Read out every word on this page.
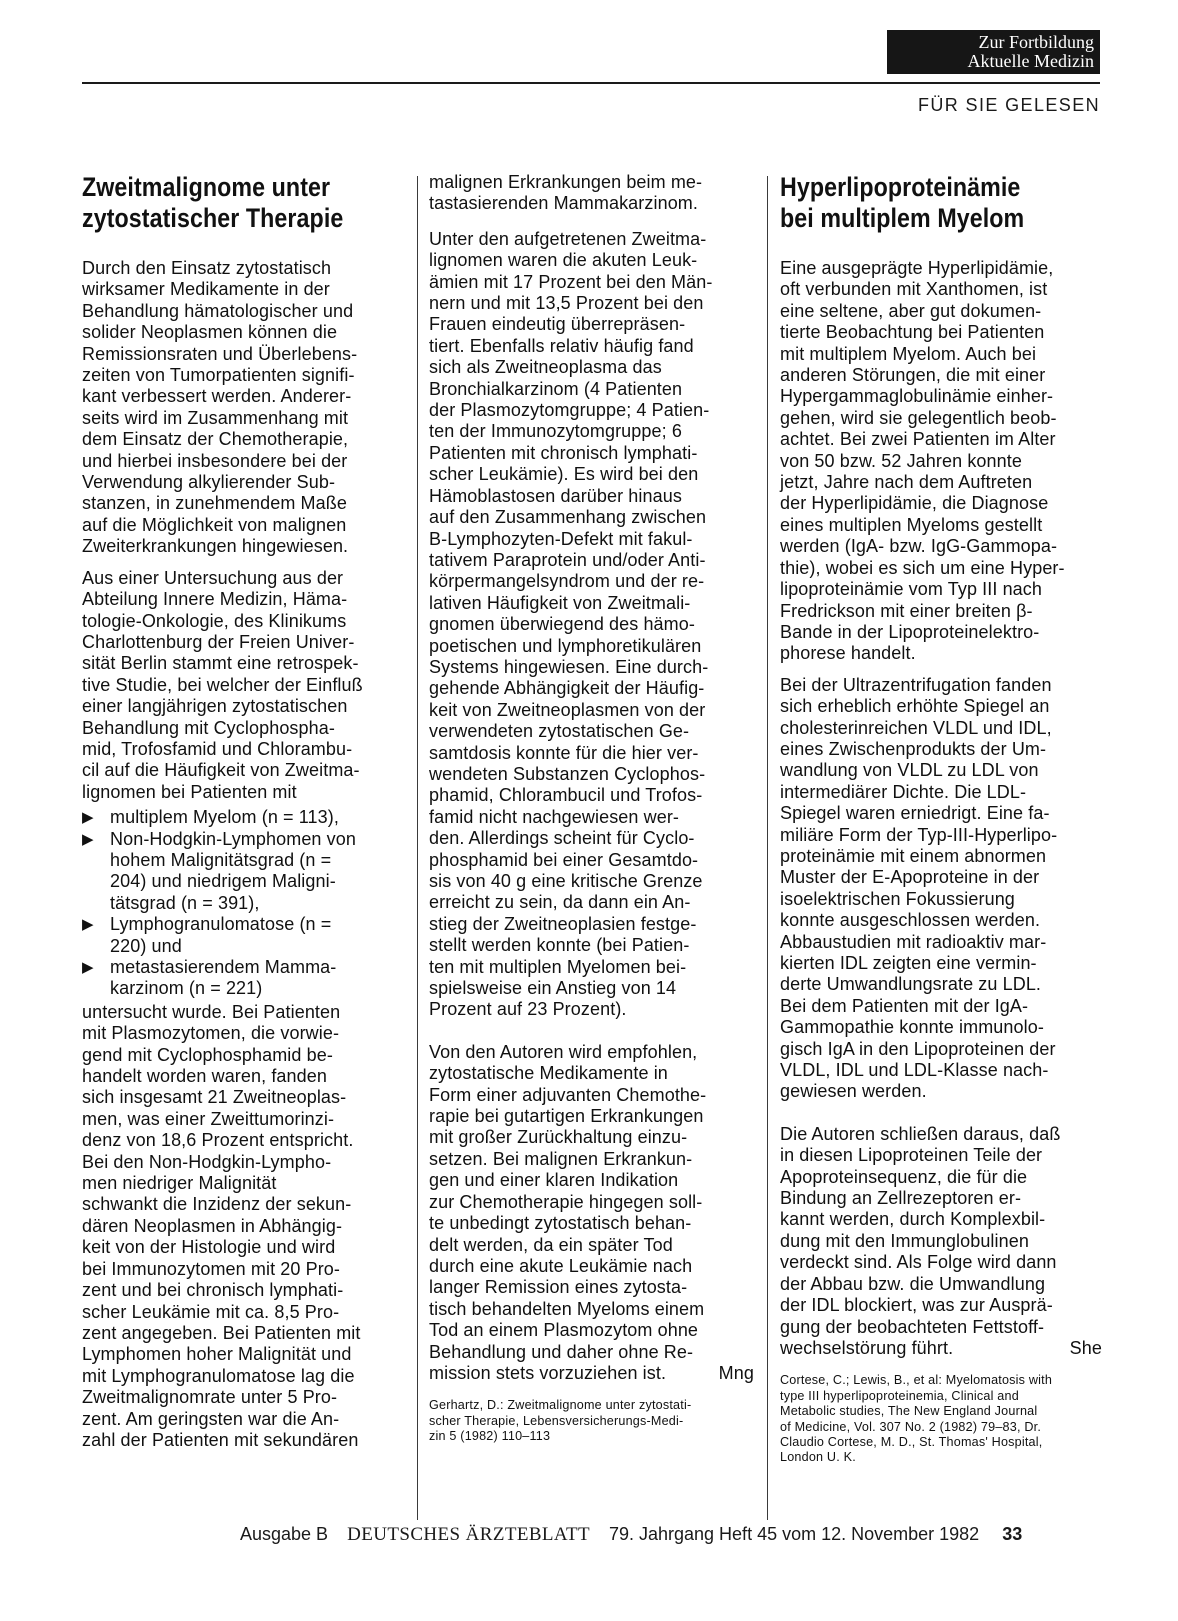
Zur Fortbildung
Aktuelle Medizin
FÜR SIE GELESEN
Zweitmalignome unter
zytostatischer Therapie

Durch den Einsatz zytostatisch
wirksamer Medikamente in der
Behandlung hämatologischer und
solider Neoplasmen können die
Remissionsraten und Überlebens-
zeiten von Tumorpatienten signifi-
kant verbessert werden. Anderer-
seits wird im Zusammenhang mit
dem Einsatz der Chemotherapie,
und hierbei insbesondere bei der
Verwendung alkylierender Sub-
stanzen, in zunehmendem Maße
auf die Möglichkeit von malignen
Zweiterkrankungen hingewiesen.

Aus einer Untersuchung aus der
Abteilung Innere Medizin, Häma-
tologie-Onkologie, des Klinikums
Charlottenburg der Freien Univer-
sität Berlin stammt eine retrospek-
tive Studie, bei welcher der Einfluß
einer langjährigen zytostatischen
Behandlung mit Cyclophospha-
mid, Trofosfamid und Chlorambu-
cil auf die Häufigkeit von Zweitma-
lignomen bei Patienten mit

▶ multiplem Myelom (n = 113),
▶ Non-Hodgkin-Lymphomen von
hohem Malignitätsgrad (n =
204) und niedrigem Maligni-
tätsgrad (n = 391),
▶ Lymphogranulomatose (n =
220) und
▶ metastasierendem Mamma-
karzinom (n = 221)

untersucht wurde. Bei Patienten
mit Plasmozytomen, die vorwie-
gend mit Cyclophosphamid be-
handelt worden waren, fanden
sich insgesamt 21 Zweitneoplas-
men, was einer Zweittumorinzi-
denz von 18,6 Prozent entspricht.
Bei den Non-Hodgkin-Lympho-
men niedriger Malignität
schwankt die Inzidenz der sekun-
dären Neoplasmen in Abhängig-
keit von der Histologie und wird
bei Immunozytomen mit 20 Pro-
zent und bei chronisch lymphati-
scher Leukämie mit ca. 8,5 Pro-
zent angegeben. Bei Patienten mit
Lymphomen hoher Malignität und
mit Lymphogranulomatose lag die
Zweitmalignomrate unter 5 Pro-
zent. Am geringsten war die An-
zahl der Patienten mit sekundären

malignen Erkrankungen beim me-
tastasierenden Mammakarzinom.

Unter den aufgetretenen Zweitma-
lignomen waren die akuten Leuk-
ämien mit 17 Prozent bei den Män-
nern und mit 13,5 Prozent bei den
Frauen eindeutig überrepräsen-
tiert. Ebenfalls relativ häufig fand
sich als Zweitneoplasma das
Bronchialkarzinom (4 Patienten
der Plasmozytomgruppe; 4 Patien-
ten der Immunozytomgruppe; 6
Patienten mit chronisch lymphati-
scher Leukämie). Es wird bei den
Hämoblastosen darüber hinaus
auf den Zusammenhang zwischen
B-Lymphozyten-Defekt mit fakul-
tativem Paraprotein und/oder Anti-
körpermangelsyndrom und der re-
lativen Häufigkeit von Zweitmali-
gnomen überwiegend des hämo-
poetischen und lymphoretikulären
Systems hingewiesen. Eine durch-
gehende Abhängigkeit der Häufig-
keit von Zweitneoplasmen von der
verwendeten zytostatischen Ge-
samtdosis konnte für die hier ver-
wendeten Substanzen Cyclophos-
phamid, Chlorambucil und Trofos-
famid nicht nachgewiesen wer-
den. Allerdings scheint für Cyclo-
phosphamid bei einer Gesamtdo-
sis von 40 g eine kritische Grenze
erreicht zu sein, da dann ein An-
stieg der Zweitneoplasien festge-
stellt werden konnte (bei Patien-
ten mit multiplen Myelomen bei-
spielsweise ein Anstieg von 14
Prozent auf 23 Prozent).

Von den Autoren wird empfohlen,
zytostatische Medikamente in
Form einer adjuvanten Chemothe-
rapie bei gutartigen Erkrankungen
mit großer Zurückhaltung einzu-
setzen. Bei malignen Erkrankun-
gen und einer klaren Indikation
zur Chemotherapie hingegen soll-
te unbedingt zytostatisch behan-
delt werden, da ein später Tod
durch eine akute Leukämie nach
langer Remission eines zytosta-
tisch behandelten Myeloms einem
Tod an einem Plasmozytom ohne
Behandlung und daher ohne Re-
mission stets vorzuziehen ist.	Mng

Gerhartz, D.: Zweitmalignome unter zytostati-
scher Therapie, Lebensversicherungs-Medi-
zin 5 (1982) 110–113
Hyperlipoproteinämie
bei multiplem Myelom

Eine ausgeprägte Hyperlipidämie,
oft verbunden mit Xanthomen, ist
eine seltene, aber gut dokumen-
tierte Beobachtung bei Patienten
mit multiplem Myelom. Auch bei
anderen Störungen, die mit einer
Hypergammaglobulinämie einher-
gehen, wird sie gelegentlich beob-
achtet. Bei zwei Patienten im Alter
von 50 bzw. 52 Jahren konnte
jetzt, Jahre nach dem Auftreten
der Hyperlipidämie, die Diagnose
eines multiplen Myeloms gestellt
werden (IgA- bzw. IgG-Gammopa-
thie), wobei es sich um eine Hyper-
lipoproteinämie vom Typ III nach
Fredrickson mit einer breiten β-
Bande in der Lipoproteinelektro-
phorese handelt.

Bei der Ultrazentrifugation fanden
sich erheblich erhöhte Spiegel an
cholesterinreichen VLDL und IDL,
eines Zwischenprodukts der Um-
wandlung von VLDL zu LDL von
intermediärer Dichte. Die LDL-
Spiegel waren erniedrigt. Eine fa-
miliäre Form der Typ-III-Hyperlipo-
proteinämie mit einem abnormen
Muster der E-Apoproteine in der
isoelektrischen Fokussierung
konnte ausgeschlossen werden.
Abbaustudien mit radioaktiv mar-
kierten IDL zeigten eine vermin-
derte Umwandlungsrate zu LDL.
Bei dem Patienten mit der IgA-
Gammopathie konnte immunolo-
gisch IgA in den Lipoproteinen der
VLDL, IDL und LDL-Klasse nach-
gewiesen werden.

Die Autoren schließen daraus, daß
in diesen Lipoproteinen Teile der
Apoproteinsequenz, die für die
Bindung an Zellrezeptoren er-
kannt werden, durch Komplexbil-
dung mit den Immunglobulinen
verdeckt sind. Als Folge wird dann
der Abbau bzw. die Umwandlung
der IDL blockiert, was zur Ausprä-
gung der beobachteten Fettstoff-
wechselstörung führt.	She

Cortese, C.; Lewis, B., et al: Myelomatosis with
type III hyperlipoproteinemia, Clinical and
Metabolic studies, The New England Journal
of Medicine, Vol. 307 No. 2 (1982) 79–83, Dr.
Claudio Cortese, M. D., St. Thomas' Hospital,
London U. K.
Ausgabe B DEUTSCHES ÄRZTEBLATT 79. Jahrgang Heft 45 vom 12. November 1982 33
